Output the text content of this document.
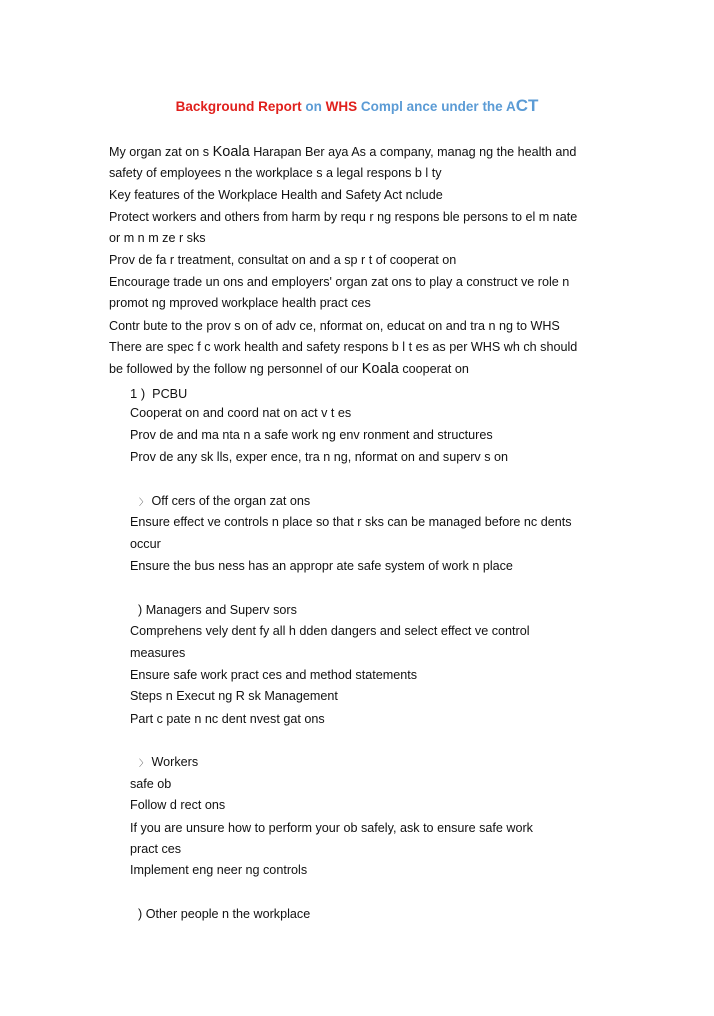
Background Report on WHS Compl ance under the ACT
My organ zat on s Koala Harapan Ber aya As a company, manag ng the health and
safety of employees n the workplace s a legal respons b l ty
Key features of the Workplace Health and Safety Act nclude
Protect workers and others from harm by requ r ng respons ble persons to el m nate
or m n m ze r sks
Prov de fa r treatment, consultat on and a sp r t of cooperat on
Encourage trade un ons and employers' organ zat ons to play a construct ve role n
promot ng mproved workplace health pract ces
Contr bute to the prov s on of adv ce, nformat on, educat on and tra n ng to WHS
There are spec f c work health and safety respons b l t es as per WHS wh ch should
be followed by the follow ng personnel of our Koala cooperat on
1 ) PCBU
Cooperat on and coord nat on act v t es
Prov de and ma nta n a safe work ng env ronment and structures
Prov de any sk lls, exper ence, tra n ng, nformat on and superv s on
〉 Off cers of the organ zat ons
Ensure effect ve controls n place so that r sks can be managed before nc dents
occur
Ensure the bus ness has an appropr ate safe system of work n place
) Managers and Superv sors
Comprehens vely dent fy all h dden dangers and select effect ve control
measures
Ensure safe work pract ces and method statements
Steps n Execut ng R sk Management
Part c pate n nc dent nvest gat ons
〉 Workers
safe ob
Follow d rect ons
If you are unsure how to perform your ob safely, ask to ensure safe work
pract ces
Implement eng neer ng controls
) Other people n the workplace
